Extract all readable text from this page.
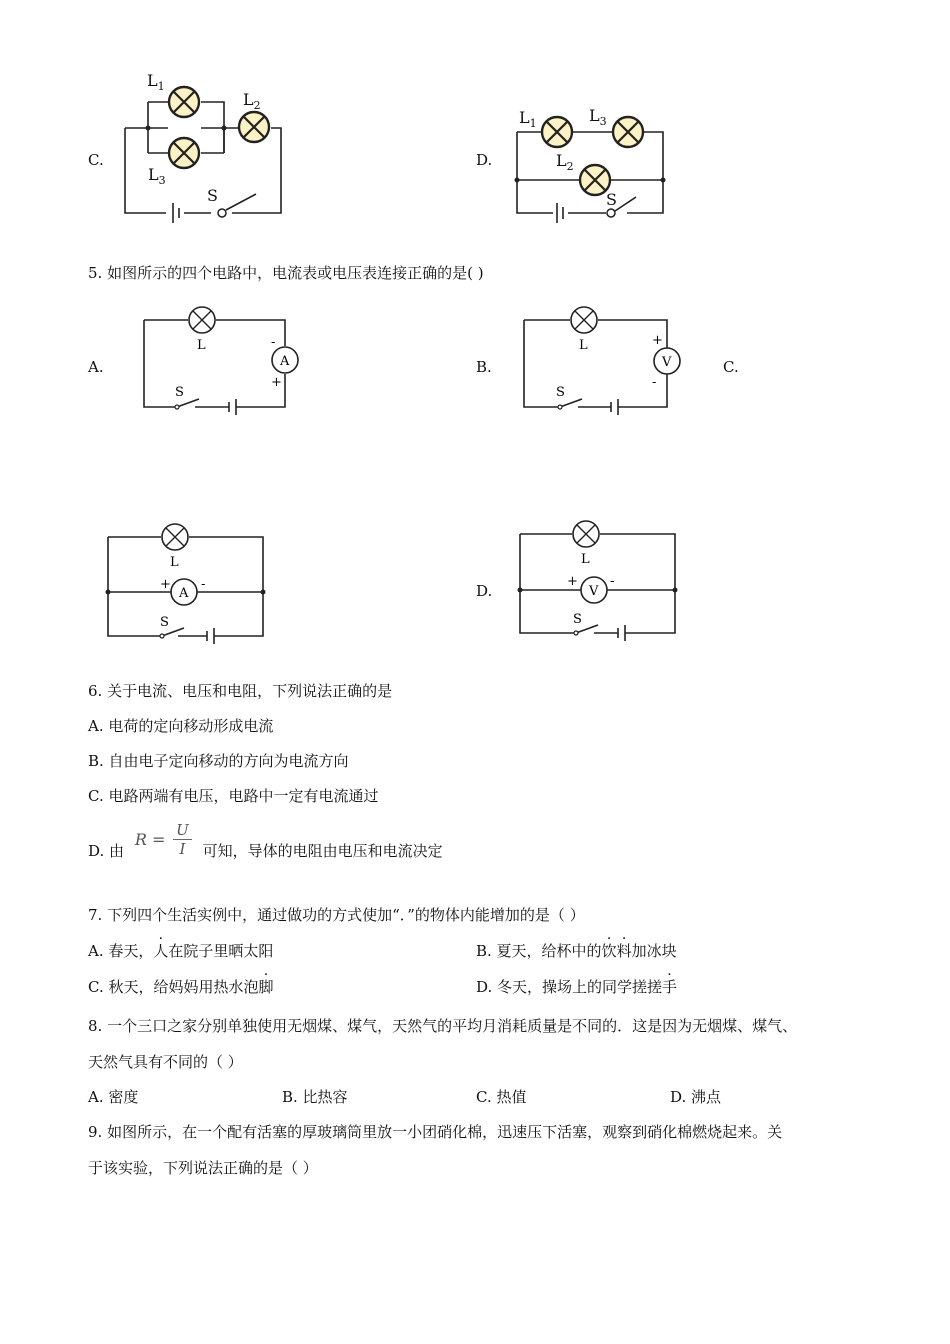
C.
$L_1$
$L_2$
$L_3$
S
D.
$L_1$	$L_3$
$L_2$
S
5. 如图所示的四个电路中，电流表或电压表连接正确的是( )
A.	A
L
S
-
+
B.	V
L
S
+
-
C.
A
L
S
+ -	D.	V
L
S
+ -
6. 关于电流、电压和电阻，下列说法正确的是
A. 电荷的定向移动形成电流
B. 自由电子定向移动的方向为电流方向
C. 电路两端有电压，电路中一定有电流通过
D. 由 $R = \frac{U}{I}$ 可知，导体的电阻由电压和电流决定
7. 下列四个生活实例中，通过做功的方式使加“．”的物体内能增加的是（ ）
A. 春天，人在院子里晒太阳	B. 夏天，给杯中的饮料加冰块
C. 秋天，给妈妈用热水泡脚	D. 冬天，操场上的同学搓搓手
8. 一个三口之家分别单独使用无烟煤、煤气，天然气的平均月消耗质量是不同的．这是因为无烟煤、煤气、
天然气具有不同的（ ）
A. 密度	B. 比热容	C. 热值	D. 沸点
9. 如图所示，在一个配有活塞的厚玻璃筒里放一小团硝化棉，迅速压下活塞，观察到硝化棉燃烧起来。关
于该实验，下列说法正确的是（ ）
